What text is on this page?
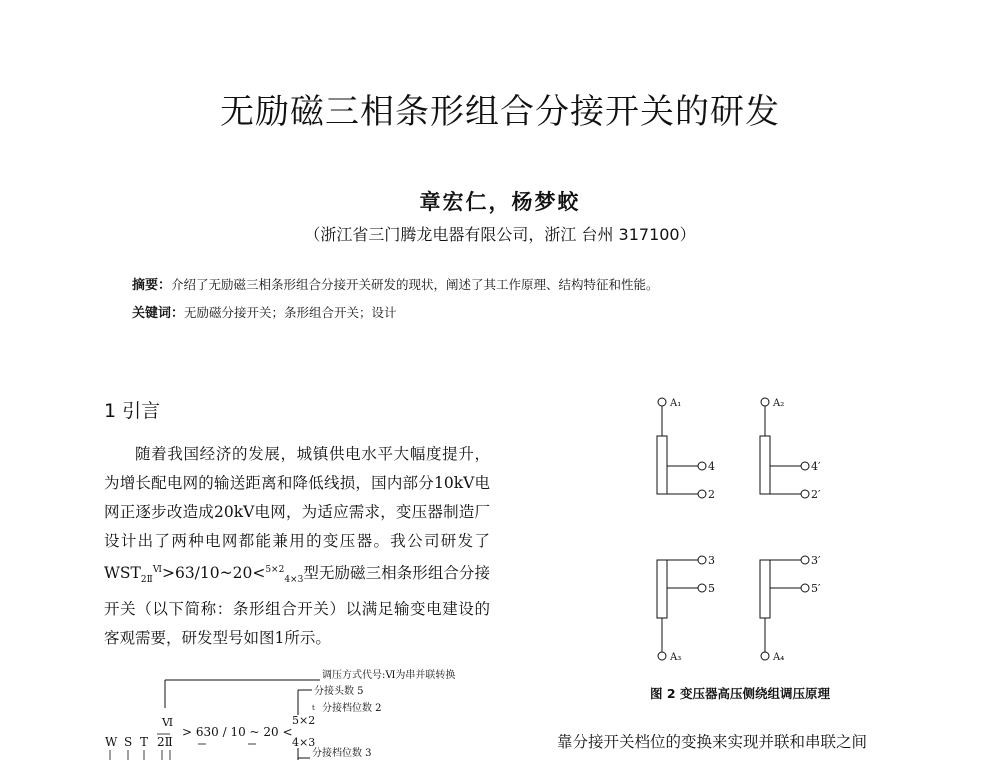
无励磁三相条形组合分接开关的研发
章宏仁，杨梦蛟
（浙江省三门腾龙电器有限公司，浙江 台州 317100）
摘要：介绍了无励磁三相条形组合分接开关研发的现状，阐述了其工作原理、结构特征和性能。
关键词：无励磁分接开关；条形组合开关；设计
1 引言

随着我国经济的发展，城镇供电水平大幅度提升，为增长配电网的输送距离和降低线损，国内部分10kV电网正逐步改造成20kV电网，为适应需求，变压器制造厂设计出了两种电网都能兼用的变压器。我公司研发了$WST_{2Ⅱ}^Ⅵ>63/10\sim 20<^{5\times 2}_{4\times 3}$型无励磁三相条形组合分接开关（以下简称：条形组合开关）以满足输变电建设的客观需要，研发型号如图1所示。

调压方式代号:Ⅵ为串并联转换
分接头数 5
t 分接档位数 2
Ⅵ
W S T 2Ⅱ
> 630 / 10 ~ 20 <
5×2
4×3
分接档位数 3
A₁
4
2
A₂
4′
2′
3
5
A₃
3′
5′
A₄
图 2 变压器高压侧绕组调压原理
靠分接开关档位的变换来实现并联和串联之间
